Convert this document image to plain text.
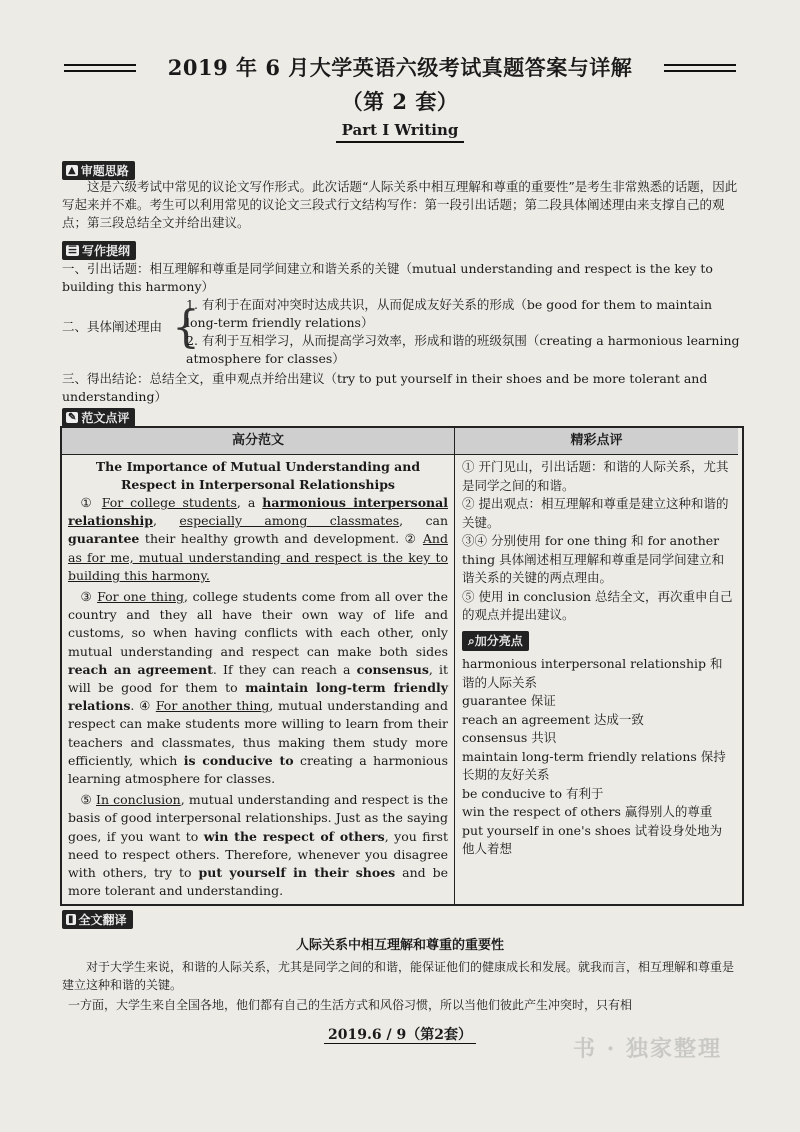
2019 年 6 月大学英语六级考试真题答案与详解
（第 2 套）
Part I Writing
▲ 审题思路
这是六级考试中常见的议论文写作形式。此次话题“人际关系中相互理解和尊重的重要性”是考生非常熟悉的话题，因此写起来并不难。考生可以利用常见的议论文三段式行文结构写作：第一段引出话题；第二段具体阐述理由来支撑自己的观点；第三段总结全文并给出建议。
☰ 写作提纲
一、引出话题：相互理解和尊重是同学间建立和谐关系的关键（mutual understanding and respect is the key to building this harmony）
二、具体阐述理由 {
1. 有利于在面对冲突时达成共识，从而促成友好关系的形成（be good for them to maintain long-term friendly relations）
2. 有利于互相学习，从而提高学习效率，形成和谐的班级氛围（creating a harmonious learning atmosphere for classes）
三、得出结论：总结全文，重申观点并给出建议（try to put yourself in their shoes and be more tolerant and understanding）
✎ 范文点评
高分范文	精彩点评
The Importance of Mutual Understanding and
Respect in Interpersonal Relationships
① For college students, a harmonious interpersonal relationship, especially among classmates, can guarantee their healthy growth and development. ② And as for me, mutual understanding and respect is the key to building this harmony.
③ For one thing, college students come from all over the country and they all have their own way of life and customs, so when having conflicts with each other, only mutual understanding and respect can make both sides reach an agreement. If they can reach a consensus, it will be good for them to maintain long-term friendly relations. ④ For another thing, mutual understanding and respect can make students more willing to learn from their teachers and classmates, thus making them study more efficiently, which is conducive to creating a harmonious learning atmosphere for classes.
⑤ In conclusion, mutual understanding and respect is the basis of good interpersonal relationships. Just as the saying goes, if you want to win the respect of others, you first need to respect others. Therefore, whenever you disagree with others, try to put yourself in their shoes and be more tolerant and understanding.
① 开门见山，引出话题：和谐的人际关系，尤其是同学之间的和谐。
② 提出观点：相互理解和尊重是建立这种和谐的关键。
③④ 分别使用 for one thing 和 for another thing 具体阐述相互理解和尊重是同学间建立和谐关系的关键的两点理由。
⑤ 使用 in conclusion 总结全文，再次重申自己的观点并提出建议。
⌕加分亮点
harmonious interpersonal relationship 和谐的人际关系
guarantee 保证
reach an agreement 达成一致
consensus 共识
maintain long-term friendly relations 保持长期的友好关系
be conducive to 有利于
win the respect of others 赢得别人的尊重
put yourself in one's shoes 试着设身处地为他人着想
▮ 全文翻译
人际关系中相互理解和尊重的重要性
对于大学生来说，和谐的人际关系，尤其是同学之间的和谐，能保证他们的健康成长和发展。就我而言，相互理解和尊重是建立这种和谐的关键。
一方面，大学生来自全国各地，他们都有自己的生活方式和风俗习惯，所以当他们彼此产生冲突时，只有相
2019.6 / 9（第2套）
书 · 独家整理
